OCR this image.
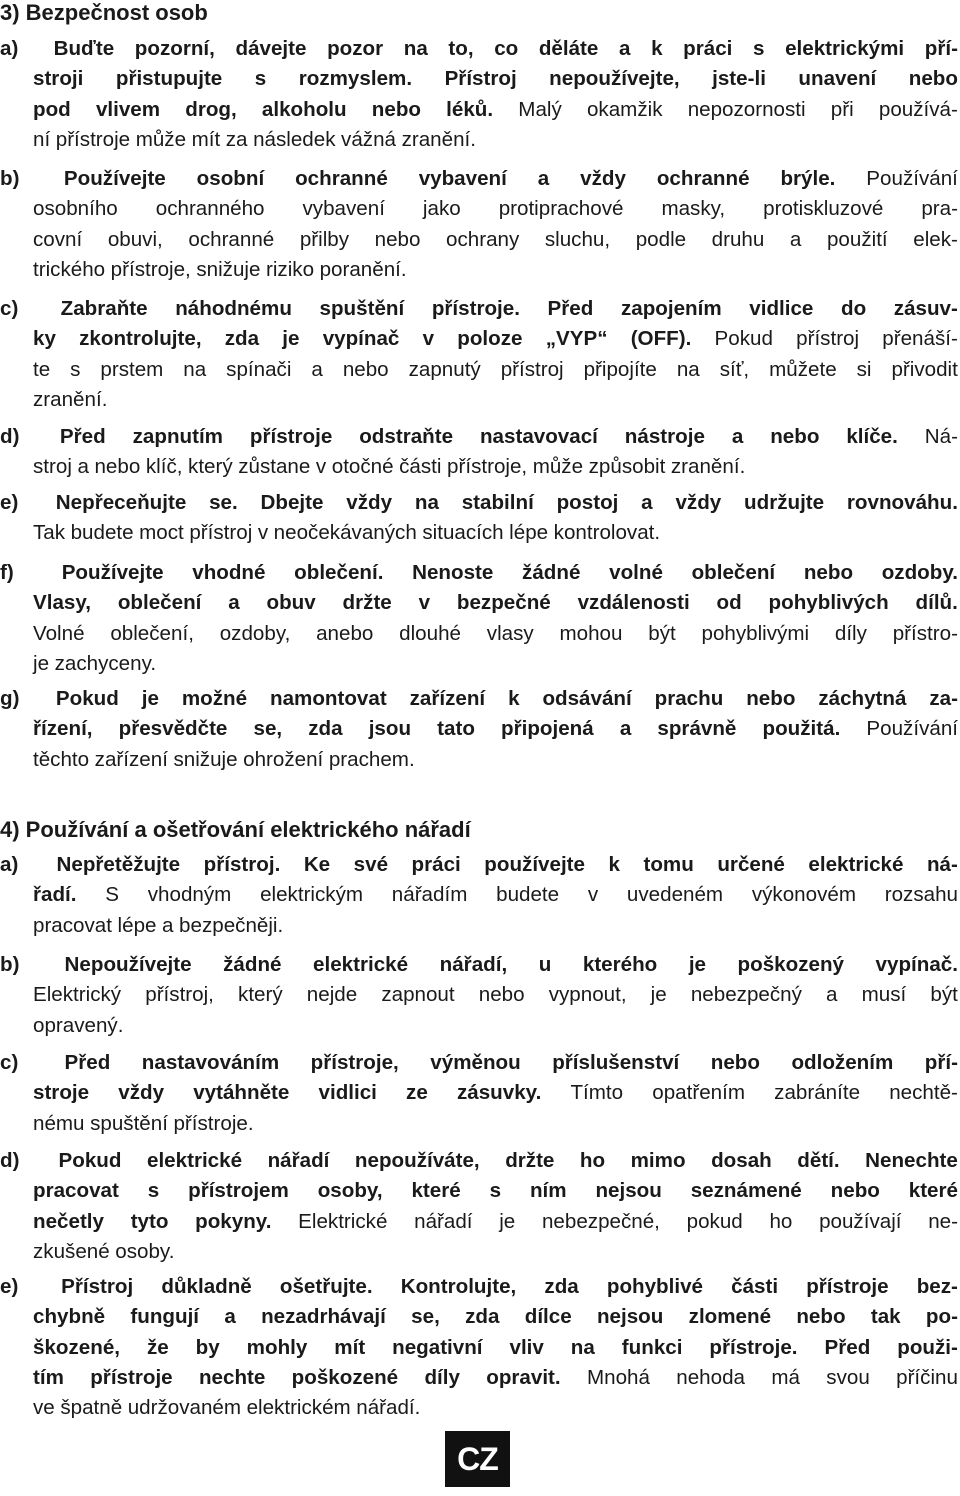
3) Bezpečnost osob
a)	Buďte pozorní, dávejte pozor na to, co děláte a k práci s elektrickými pří-
stroji přistupujte s rozmyslem. Přístroj nepoužívejte, jste-li unavení nebo
pod vlivem drog, alkoholu nebo léků. Malý okamžik nepozornosti při používá-
ní přístroje může mít za následek vážná zranění.
b)	Používejte osobní ochranné vybavení a vždy ochranné brýle. Používání
osobního ochranného vybavení jako protiprachové masky, protiskluzové pra-
covní obuvi, ochranné přilby nebo ochrany sluchu, podle druhu a použití elek-
trického přístroje, snižuje riziko poranění.
c)	Zabraňte náhodnému spuštění přístroje. Před zapojením vidlice do zásuv-
ky zkontrolujte, zda je vypínač v poloze „VYP“ (OFF). Pokud přístroj přenáší-
te s prstem na spínači a nebo zapnutý přístroj připojíte na síť, můžete si přivodit
zranění.
d)	Před zapnutím přístroje odstraňte nastavovací nástroje a nebo klíče. Ná-
stroj a nebo klíč, který zůstane v otočné části přístroje, může způsobit zranění.
e)	Nepřeceňujte se. Dbejte vždy na stabilní postoj a vždy udržujte rovnováhu.
Tak budete moct přístroj v neočekávaných situacích lépe kontrolovat.
f)	Používejte vhodné oblečení. Nenoste žádné volné oblečení nebo ozdoby.
Vlasy, oblečení a obuv držte v bezpečné vzdálenosti od pohyblivých dílů.
Volné oblečení, ozdoby, anebo dlouhé vlasy mohou být pohyblivými díly přístro-
je zachyceny.
g)	Pokud je možné namontovat zařízení k odsávání prachu nebo záchytná za-
řízení, přesvědčte se, zda jsou tato připojená a správně použitá. Používání
těchto zařízení snižuje ohrožení prachem.
4) Používání a ošetřování elektrického nářadí
a)	Nepřetěžujte přístroj. Ke své práci používejte k tomu určené elektrické ná-
řadí. S vhodným elektrickým nářadím budete v uvedeném výkonovém rozsahu
pracovat lépe a bezpečněji.
b)	Nepoužívejte žádné elektrické nářadí, u kterého je poškozený vypínač.
Elektrický přístroj, který nejde zapnout nebo vypnout, je nebezpečný a musí být
opravený.
c)	Před nastavováním přístroje, výměnou příslušenství nebo odložením pří-
stroje vždy vytáhněte vidlici ze zásuvky. Tímto opatřením zabráníte nechtě-
nému spuštění přístroje.
d)	Pokud elektrické nářadí nepoužíváte, držte ho mimo dosah dětí. Nenechte
pracovat s přístrojem osoby, které s ním nejsou seznámené nebo které
nečetly tyto pokyny. Elektrické nářadí je nebezpečné, pokud ho používají ne-
zkušené osoby.
e)	Přístroj důkladně ošetřujte. Kontrolujte, zda pohyblivé části přístroje bez-
chybně fungují a nezadrhávají se, zda dílce nejsou zlomené nebo tak po-
škozené, že by mohly mít negativní vliv na funkci přístroje. Před použi-
tím přístroje nechte poškozené díly opravit. Mnohá nehoda má svou příčinu
ve špatně udržovaném elektrickém nářadí.
CZ
